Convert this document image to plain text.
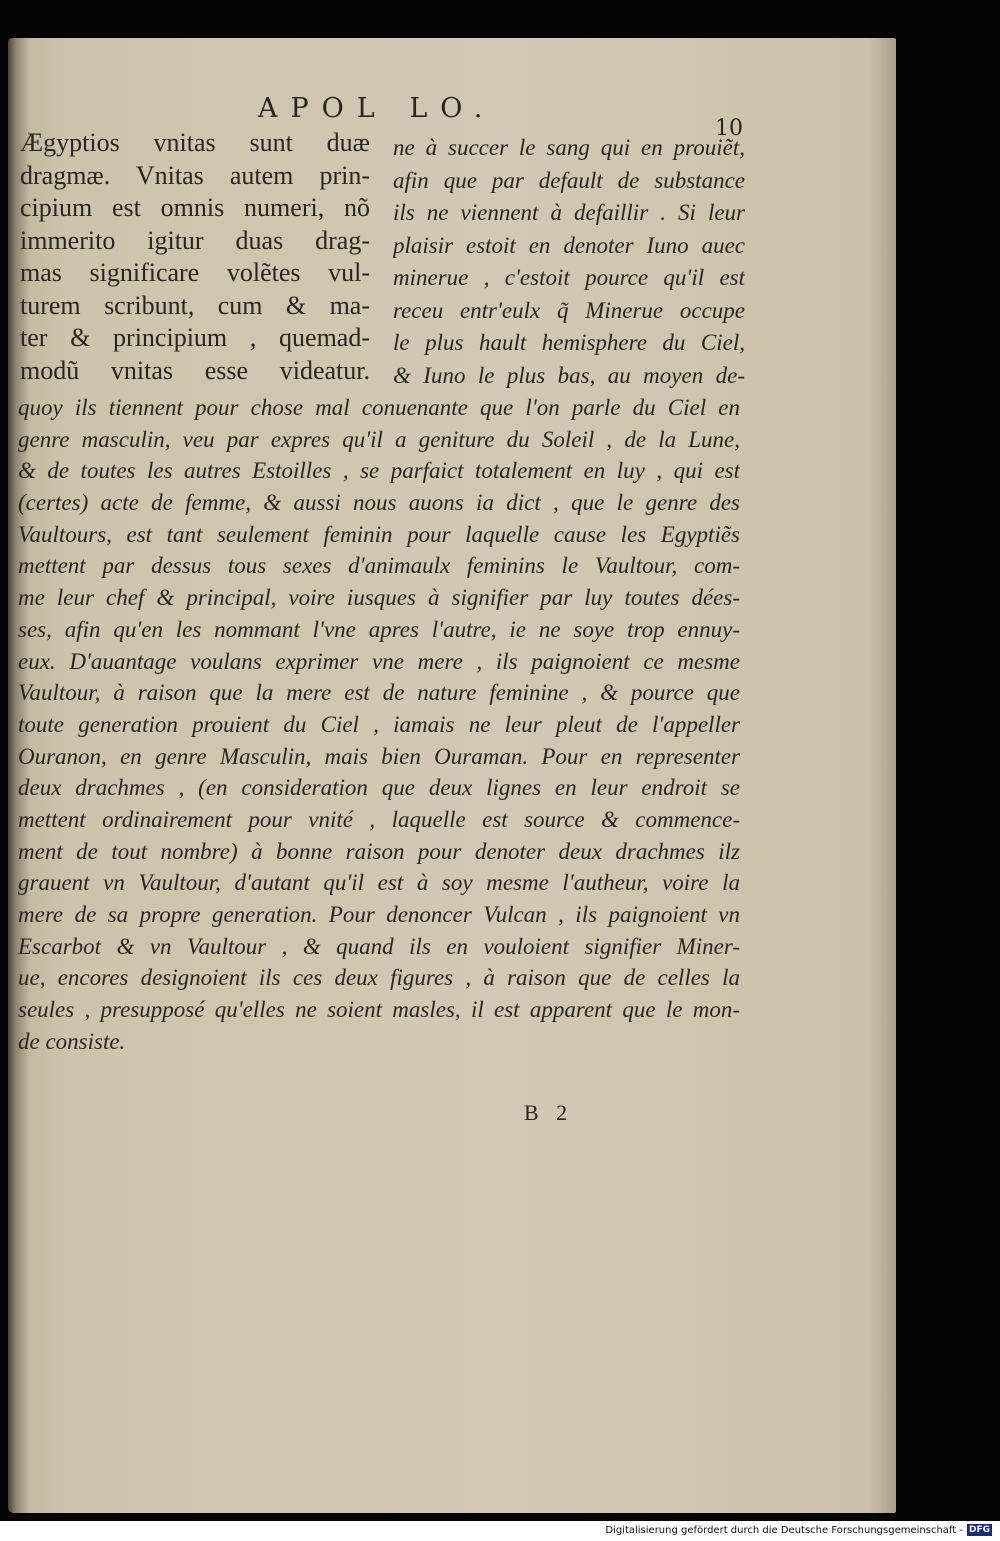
APOL LO.
10
Ægyptios vnitas sunt duæ
dragmæ. Vnitas autem prin-
cipium est omnis numeri, nõ
immerito igitur duas drag-
mas significare volẽtes vul-
turem scribunt, cum & ma-
ter & principium , quemad-
modũ vnitas esse videatur.
ne à succer le sang qui en prouiẽt,
afin que par default de substance
ils ne viennent à defaillir . Si leur
plaisir estoit en denoter Iuno auec
minerue , c'estoit pource qu'il est
receu entr'eulx q̃ Minerue occupe
le plus hault hemisphere du Ciel,
& Iuno le plus bas, au moyen de-
quoy ils tiennent pour chose mal conuenante que l'on parle du Ciel en
genre masculin, veu par expres qu'il a geniture du Soleil , de la Lune,
& de toutes les autres Estoilles , se parfaict totalement en luy , qui est
(certes) acte de femme, & aussi nous auons ia dict , que le genre des
Vaultours, est tant seulement feminin pour laquelle cause les Egyptiẽs
mettent par dessus tous sexes d'animaulx feminins le Vaultour, com-
me leur chef & principal, voire iusques à signifier par luy toutes dées-
ses, afin qu'en les nommant l'vne apres l'autre, ie ne soye trop ennuy-
eux. D'auantage voulans exprimer vne mere , ils paignoient ce mesme
Vaultour, à raison que la mere est de nature feminine , & pource que
toute generation prouient du Ciel , iamais ne leur pleut de l'appeller
Ouranon, en genre Masculin, mais bien Ouraman. Pour en representer
deux drachmes , (en consideration que deux lignes en leur endroit se
mettent ordinairement pour vnité , laquelle est source & commence-
ment de tout nombre) à bonne raison pour denoter deux drachmes ilz
grauent vn Vaultour, d'autant qu'il est à soy mesme l'autheur, voire la
mere de sa propre generation. Pour denoncer Vulcan , ils paignoient vn
Escarbot & vn Vaultour , & quand ils en vouloient signifier Miner-
ue, encores designoient ils ces deux figures , à raison que de celles la
seules , presupposé qu'elles ne soient masles, il est apparent que le mon-
de consiste.
B 2
Digitalisierung gefördert durch die Deutsche Forschungsgemeinschaft - DFG
